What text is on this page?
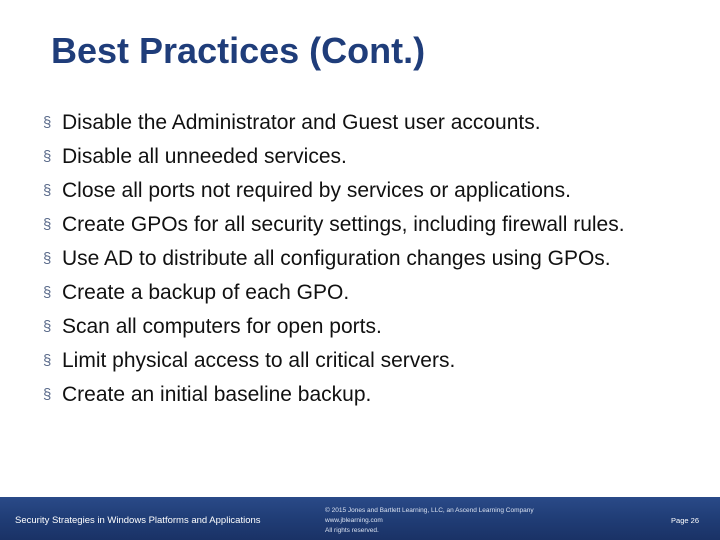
Best Practices (Cont.)
§ Disable the Administrator and Guest user accounts.
§ Disable all unneeded services.
§ Close all ports not required by services or applications.
§ Create GPOs for all security settings, including firewall rules.
§ Use AD to distribute all configuration changes using GPOs.
§ Create a backup of each GPO.
§ Scan all computers for open ports.
§ Limit physical access to all critical servers.
§ Create an initial baseline backup.
Security Strategies in Windows Platforms and Applications
© 2015 Jones and Bartlett Learning, LLC, an Ascend Learning Company
www.jblearning.com
All rights reserved.
Page 26
